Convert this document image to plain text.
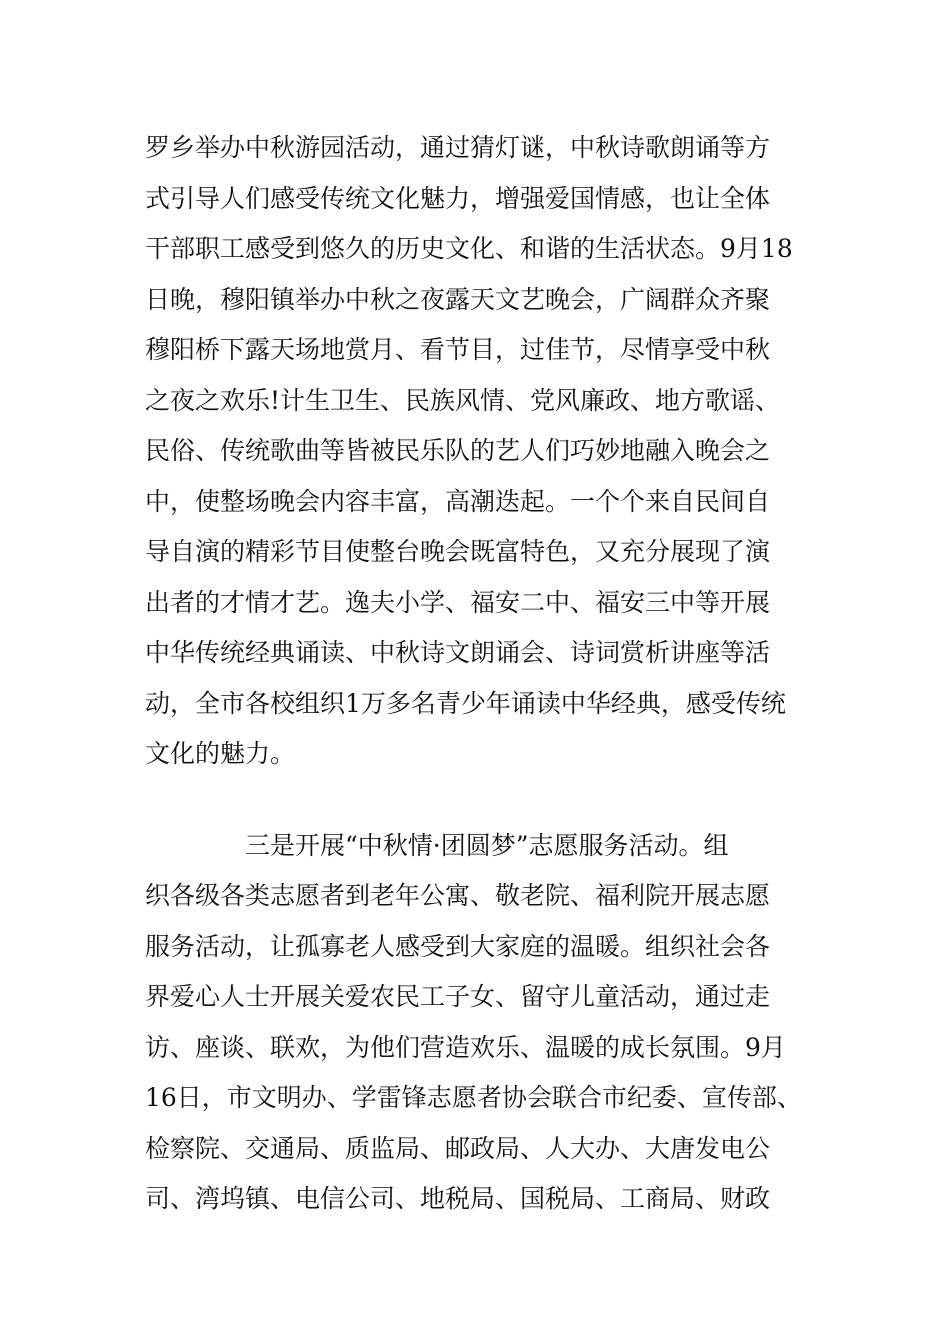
罗乡举办中秋游园活动，通过猜灯谜，中秋诗歌朗诵等方
式引导人们感受传统文化魅力，增强爱国情感，也让全体
干部职工感受到悠久的历史文化、和谐的生活状态。9月18
日晚，穆阳镇举办中秋之夜露天文艺晚会，广阔群众齐聚
穆阳桥下露天场地赏月、看节目，过佳节，尽情享受中秋
之夜之欢乐!计生卫生、民族风情、党风廉政、地方歌谣、
民俗、传统歌曲等皆被民乐队的艺人们巧妙地融入晚会之
中，使整场晚会内容丰富，高潮迭起。一个个来自民间自
导自演的精彩节目使整台晚会既富特色，又充分展现了演
出者的才情才艺。逸夫小学、福安二中、福安三中等开展
中华传统经典诵读、中秋诗文朗诵会、诗词赏析讲座等活
动，全市各校组织1万多名青少年诵读中华经典，感受传统
文化的魅力。
三是开展“中秋情·团圆梦”志愿服务活动。组
织各级各类志愿者到老年公寓、敬老院、福利院开展志愿
服务活动，让孤寡老人感受到大家庭的温暖。组织社会各
界爱心人士开展关爱农民工子女、留守儿童活动，通过走
访、座谈、联欢，为他们营造欢乐、温暖的成长氛围。9月
16日，市文明办、学雷锋志愿者协会联合市纪委、宣传部、
检察院、交通局、质监局、邮政局、人大办、大唐发电公
司、湾坞镇、电信公司、地税局、国税局、工商局、财政
